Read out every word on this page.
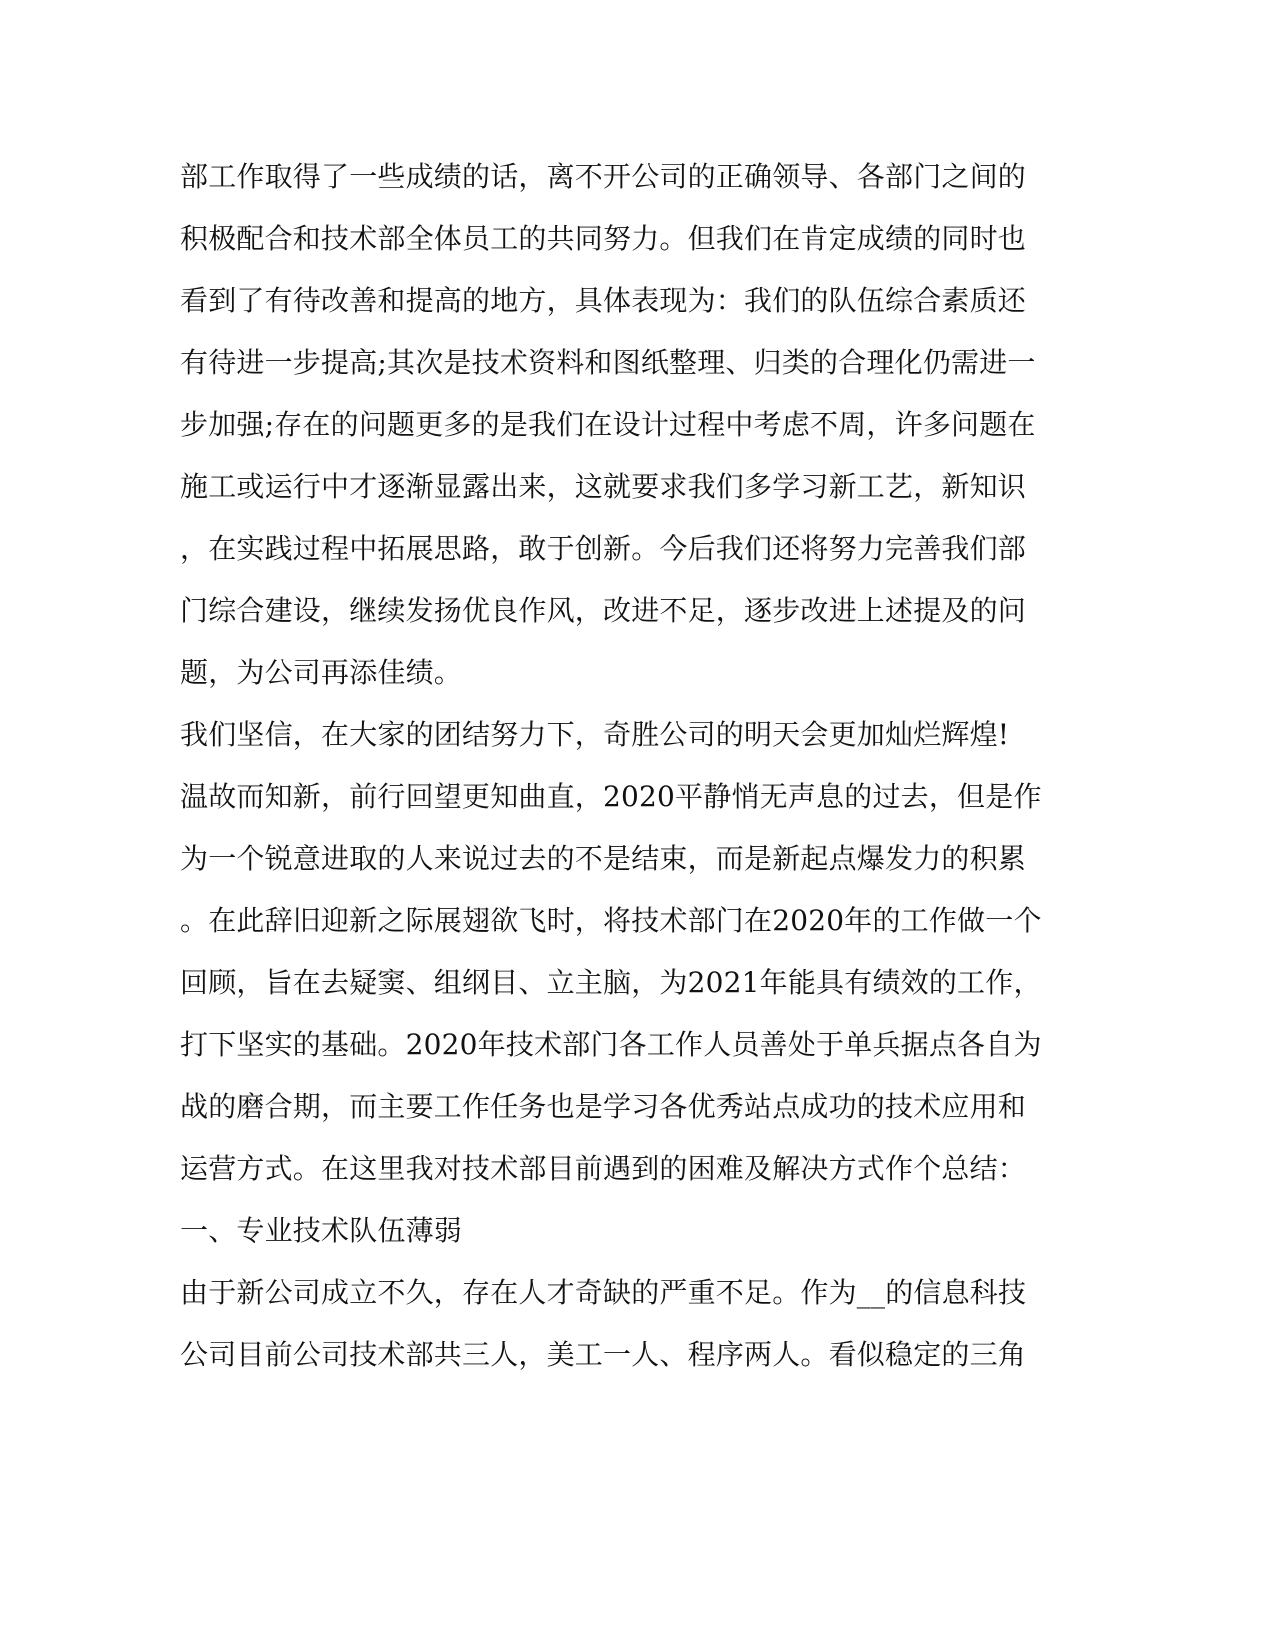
部工作取得了一些成绩的话，离不开公司的正确领导、各部门之间的
积极配合和技术部全体员工的共同努力。但我们在肯定成绩的同时也
看到了有待改善和提高的地方，具体表现为：我们的队伍综合素质还
有待进一步提高;其次是技术资料和图纸整理、归类的合理化仍需进一
步加强;存在的问题更多的是我们在设计过程中考虑不周，许多问题在
施工或运行中才逐渐显露出来，这就要求我们多学习新工艺，新知识
，在实践过程中拓展思路，敢于创新。今后我们还将努力完善我们部
门综合建设，继续发扬优良作风，改进不足，逐步改进上述提及的问
题，为公司再添佳绩。
我们坚信，在大家的团结努力下，奇胜公司的明天会更加灿烂辉煌!
温故而知新，前行回望更知曲直，2020平静悄无声息的过去，但是作
为一个锐意进取的人来说过去的不是结束，而是新起点爆发力的积累
。在此辞旧迎新之际展翅欲飞时，将技术部门在2020年的工作做一个
回顾，旨在去疑窦、组纲目、立主脑，为2021年能具有绩效的工作，
打下坚实的基础。2020年技术部门各工作人员善处于单兵据点各自为
战的磨合期，而主要工作任务也是学习各优秀站点成功的技术应用和
运营方式。在这里我对技术部目前遇到的困难及解决方式作个总结：
一、专业技术队伍薄弱
由于新公司成立不久，存在人才奇缺的严重不足。作为__的信息科技
公司目前公司技术部共三人，美工一人、程序两人。看似稳定的三角
